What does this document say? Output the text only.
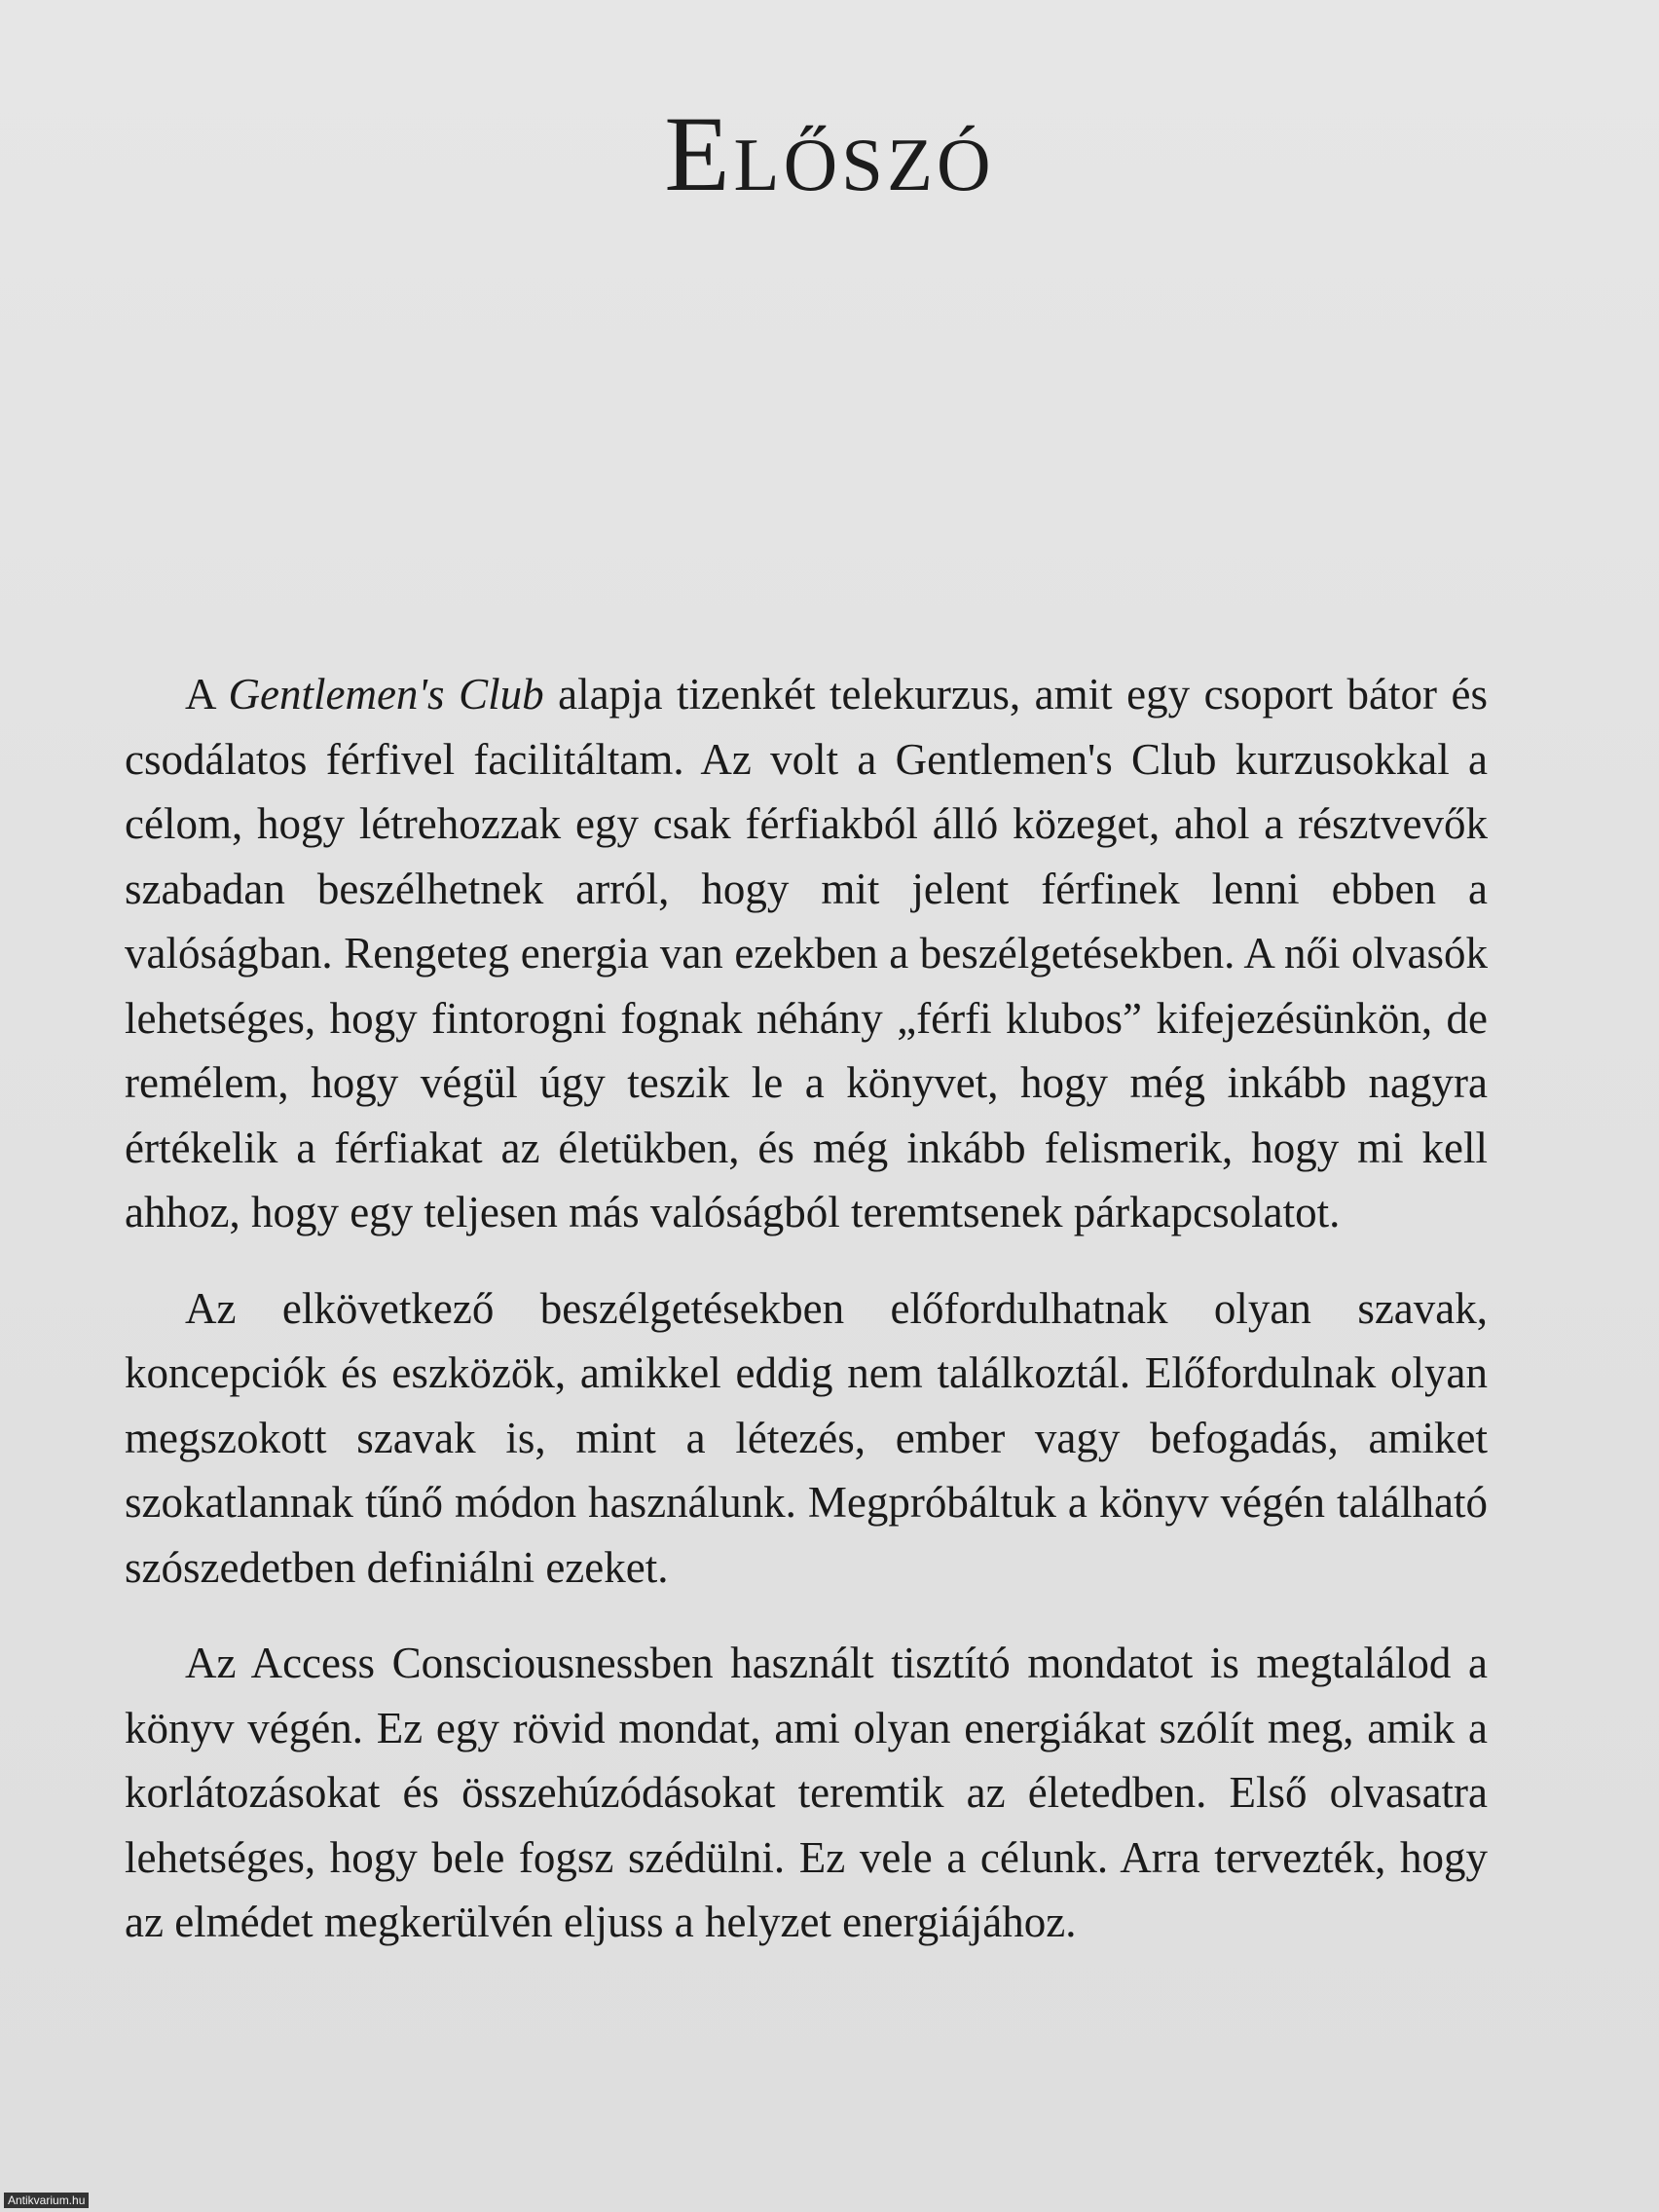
Előszó

A Gentlemen's Club alapja tizenkét telekurzus, amit egy csoport bátor és csodálatos férfivel facilitáltam. Az volt a Gentlemen's Club kurzusokkal a célom, hogy létrehozzak egy csak férfiakból álló közeget, ahol a résztvevők szabadan beszélhetnek arról, hogy mit jelent férfinek lenni ebben a valóságban. Rengeteg energia van ezekben a beszélgetésekben. A női olvasók lehetséges, hogy fintorogni fognak néhány „férfi klubos” kifejezésünkön, de remélem, hogy végül úgy teszik le a könyvet, hogy még inkább nagyra értékelik a férfiakat az életükben, és még inkább felismerik, hogy mi kell ahhoz, hogy egy teljesen más valóságból teremtsenek párkapcsolatot.

Az elkövetkező beszélgetésekben előfordulhatnak olyan szavak, koncepciók és eszközök, amikkel eddig nem találkoztál. Előfordulnak olyan megszokott szavak is, mint a létezés, ember vagy befogadás, amiket szokatlannak tűnő módon használunk. Megpróbáltuk a könyv végén található szószedetben definiálni ezeket.

Az Access Consciousnessben használt tisztító mondatot is megtalálod a könyv végén. Ez egy rövid mondat, ami olyan energiákat szólít meg, amik a korlátozásokat és összehúzódásokat teremtik az életedben. Első olvasatra lehetséges, hogy bele fogsz szédülni. Ez vele a célunk. Arra tervezték, hogy az elmédet megkerülvén eljuss a helyzet energiájához.

Antikvarium.hu
